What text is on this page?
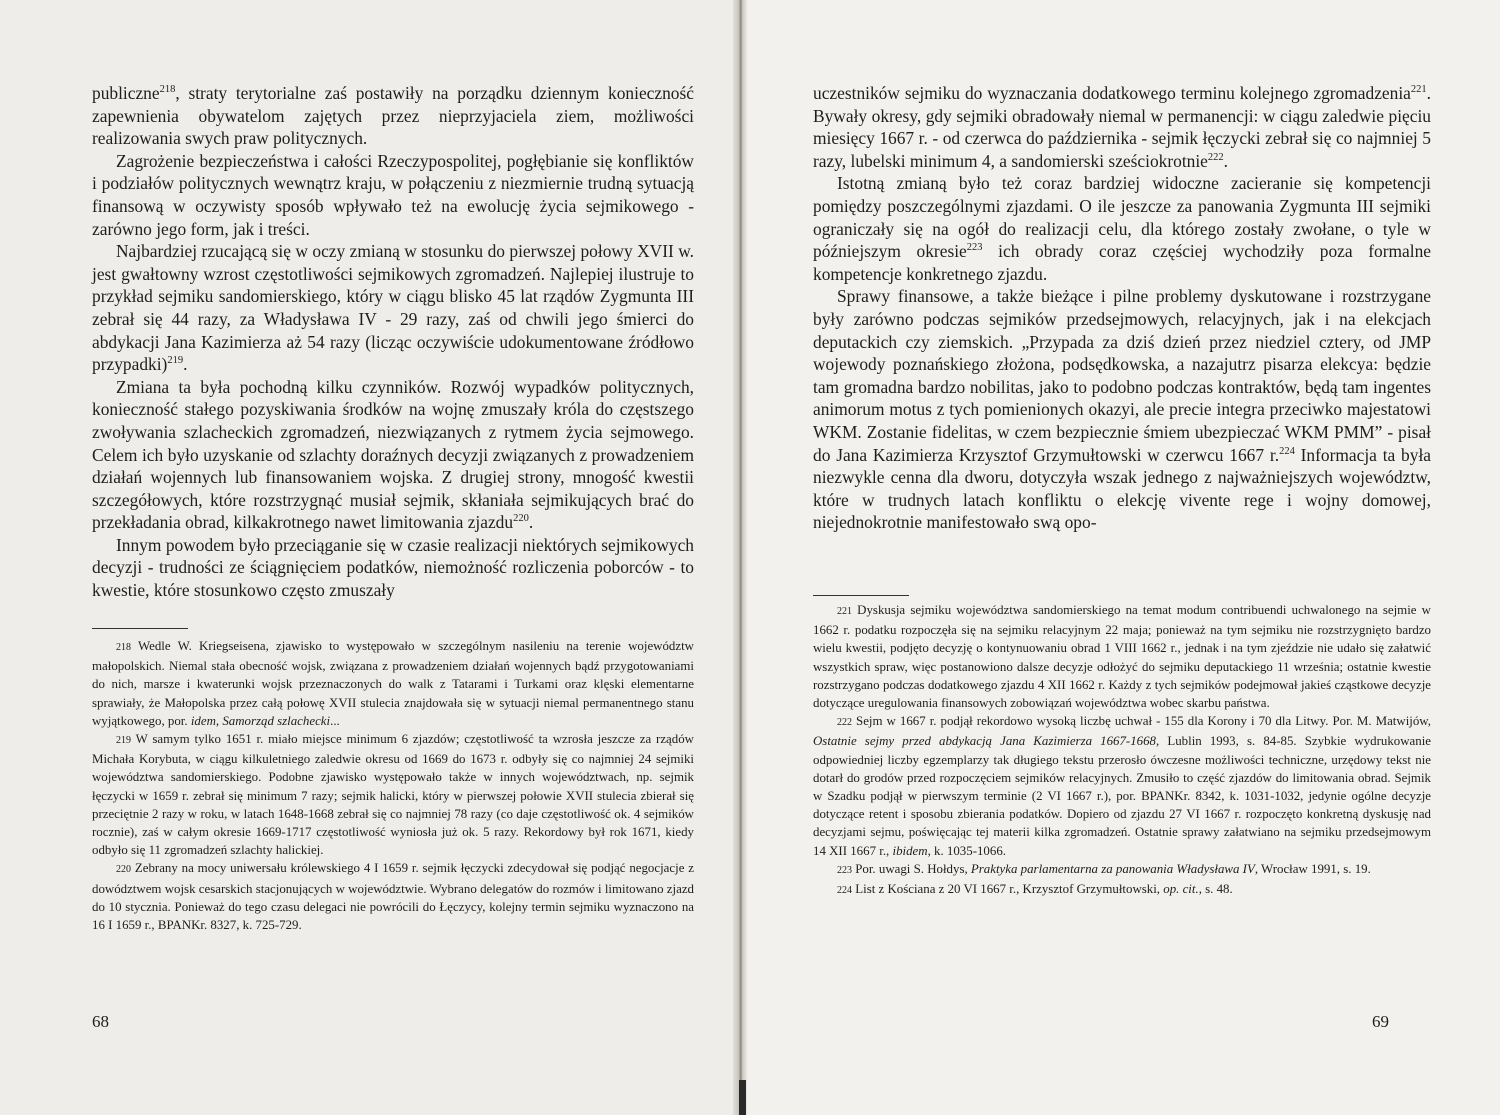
publiczne$^{218}$, straty terytorialne zaś postawiły na porządku dziennym konieczność zapewnienia obywatelom zajętych przez nieprzyjaciela ziem, możliwości realizowania swych praw politycznych.

Zagrożenie bezpieczeństwa i całości Rzeczypospolitej, pogłębianie się konfliktów i podziałów politycznych wewnątrz kraju, w połączeniu z niezmiernie trudną sytuacją finansową w oczywisty sposób wpływało też na ewolucję życia sejmikowego - zarówno jego form, jak i treści.

Najbardziej rzucającą się w oczy zmianą w stosunku do pierwszej połowy XVII w. jest gwałtowny wzrost częstotliwości sejmikowych zgromadzeń. Najlepiej ilustruje to przykład sejmiku sandomierskiego, który w ciągu blisko 45 lat rządów Zygmunta III zebrał się 44 razy, za Władysława IV - 29 razy, zaś od chwili jego śmierci do abdykacji Jana Kazimierza aż 54 razy (licząc oczywiście udokumentowane źródłowo przypadki)$^{219}$.

Zmiana ta była pochodną kilku czynników. Rozwój wypadków politycznych, konieczność stałego pozyskiwania środków na wojnę zmuszały króla do częstszego zwoływania szlacheckich zgromadzeń, niezwiązanych z rytmem życia sejmowego. Celem ich było uzyskanie od szlachty doraźnych decyzji związanych z prowadzeniem działań wojennych lub finansowaniem wojska. Z drugiej strony, mnogość kwestii szczegółowych, które rozstrzygnąć musiał sejmik, skłaniała sejmikujących brać do przekładania obrad, kilkakrotnego nawet limitowania zjazdu$^{220}$.

Innym powodem było przeciąganie się w czasie realizacji niektórych sejmikowych decyzji - trudności ze ściągnięciem podatków, niemożność rozliczenia poborców - to kwestie, które stosunkowo często zmuszały

218 Wedle W. Kriegseisena, zjawisko to występowało w szczególnym nasileniu na terenie województw małopolskich. Niemal stała obecność wojsk, związana z prowadzeniem działań wojennych bądź przygotowaniami do nich, marsze i kwaterunki wojsk przeznaczonych do walk z Tatarami i Turkami oraz klęski elementarne sprawiały, że Małopolska przez całą połowę XVII stulecia znajdowała się w sytuacji niemal permanentnego stanu wyjątkowego, por. idem, Samorząd szlachecki...

219 W samym tylko 1651 r. miało miejsce minimum 6 zjazdów; częstotliwość ta wzrosła jeszcze za rządów Michała Korybuta, w ciągu kilkuletniego zaledwie okresu od 1669 do 1673 r. odbyły się co najmniej 24 sejmiki województwa sandomierskiego. Podobne zjawisko występowało także w innych województwach, np. sejmik łęczycki w 1659 r. zebrał się minimum 7 razy; sejmik halicki, który w pierwszej połowie XVII stulecia zbierał się przeciętnie 2 razy w roku, w latach 1648-1668 zebrał się co najmniej 78 razy (co daje częstotliwość ok. 4 sejmików rocznie), zaś w całym okresie 1669-1717 częstotliwość wyniosła już ok. 5 razy. Rekordowy był rok 1671, kiedy odbyło się 11 zgromadzeń szlachty halickiej.

220 Zebrany na mocy uniwersału królewskiego 4 I 1659 r. sejmik łęczycki zdecydował się podjąć negocjacje z dowództwem wojsk cesarskich stacjonujących w województwie. Wybrano delegatów do rozmów i limitowano zjazd do 10 stycznia. Ponieważ do tego czasu delegaci nie powrócili do Łęczycy, kolejny termin sejmiku wyznaczono na 16 I 1659 r., BPANKr. 8327, k. 725-729.

68

uczestników sejmiku do wyznaczania dodatkowego terminu kolejnego zgromadzenia$^{221}$. Bywały okresy, gdy sejmiki obradowały niemal w permanencji: w ciągu zaledwie pięciu miesięcy 1667 r. - od czerwca do października - sejmik łęczycki zebrał się co najmniej 5 razy, lubelski minimum 4, a sandomierski sześciokrotnie$^{222}$.

Istotną zmianą było też coraz bardziej widoczne zacieranie się kompetencji pomiędzy poszczególnymi zjazdami. O ile jeszcze za panowania Zygmunta III sejmiki ograniczały się na ogół do realizacji celu, dla którego zostały zwołane, o tyle w późniejszym okresie$^{223}$ ich obrady coraz częściej wychodziły poza formalne kompetencje konkretnego zjazdu.

Sprawy finansowe, a także bieżące i pilne problemy dyskutowane i rozstrzygane były zarówno podczas sejmików przedsejmowych, relacyjnych, jak i na elekcjach deputackich czy ziemskich. „Przypada za dziś dzień przez niedziel cztery, od JMP wojewody poznańskiego złożona, podsędkowska, a nazajutrz pisarza elekcya: będzie tam gromadna bardzo nobilitas, jako to podobno podczas kontraktów, będą tam ingentes animorum motus z tych pomienionych okazyi, ale precie integra przeciwko majestatowi WKM. Zostanie fidelitas, w czem bezpiecznie śmiem ubezpieczać WKM PMM” - pisał do Jana Kazimierza Krzysztof Grzymułtowski w czerwcu 1667 r.$^{224}$ Informacja ta była niezwykle cenna dla dworu, dotyczyła wszak jednego z najważniejszych województw, które w trudnych latach konfliktu o elekcję vivente rege i wojny domowej, niejednokrotnie manifestowało swą opo-

221 Dyskusja sejmiku województwa sandomierskiego na temat modum contribuendi uchwalonego na sejmie w 1662 r. podatku rozpoczęła się na sejmiku relacyjnym 22 maja; ponieważ na tym sejmiku nie rozstrzygnięto bardzo wielu kwestii, podjęto decyzję o kontynuowaniu obrad 1 VIII 1662 r., jednak i na tym zjeździe nie udało się załatwić wszystkich spraw, więc postanowiono dalsze decyzje odłożyć do sejmiku deputackiego 11 września; ostatnie kwestie rozstrzygano podczas dodatkowego zjazdu 4 XII 1662 r. Każdy z tych sejmików podejmował jakieś cząstkowe decyzje dotyczące uregulowania finansowych zobowiązań województwa wobec skarbu państwa.

222 Sejm w 1667 r. podjął rekordowo wysoką liczbę uchwał - 155 dla Korony i 70 dla Litwy. Por. M. Matwijów, Ostatnie sejmy przed abdykacją Jana Kazimierza 1667-1668, Lublin 1993, s. 84-85. Szybkie wydrukowanie odpowiedniej liczby egzemplarzy tak długiego tekstu przerosło ówczesne możliwości techniczne, urzędowy tekst nie dotarł do grodów przed rozpoczęciem sejmików relacyjnych. Zmusiło to część zjazdów do limitowania obrad. Sejmik w Szadku podjął w pierwszym terminie (2 VI 1667 r.), por. BPANKr. 8342, k. 1031-1032, jedynie ogólne decyzje dotyczące retent i sposobu zbierania podatków. Dopiero od zjazdu 27 VI 1667 r. rozpoczęto konkretną dyskusję nad decyzjami sejmu, poświęcając tej materii kilka zgromadzeń. Ostatnie sprawy załatwiano na sejmiku przedsejmowym 14 XII 1667 r., ibidem, k. 1035-1066.

223 Por. uwagi S. Hołdys, Praktyka parlamentarna za panowania Władysława IV, Wrocław 1991, s. 19.

224 List z Kościana z 20 VI 1667 r., Krzysztof Grzymułtowski, op. cit., s. 48.

69
